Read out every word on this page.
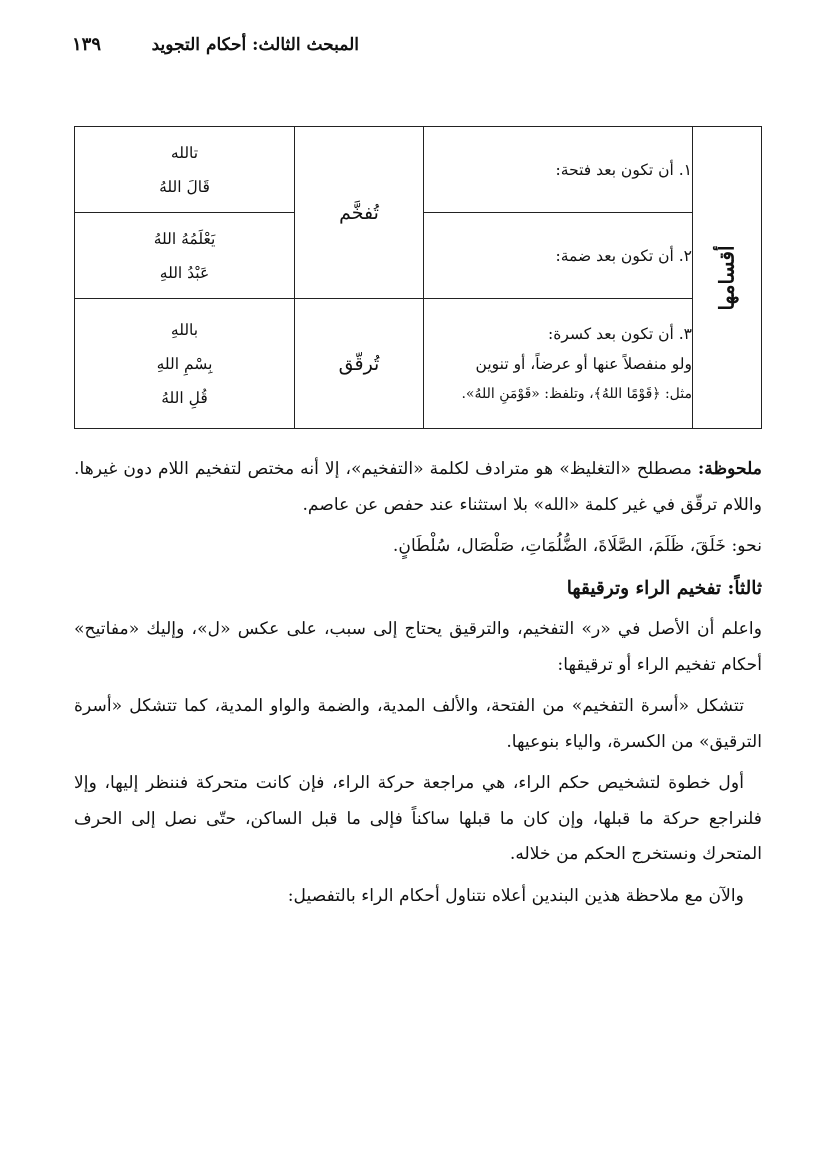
المبحث الثالث: أحكام التجويد
١٣٩
أقسامها	١. أن تكون بعد فتحة:	تُفخَّم	تالله
قَالَ اللهُ

	٢. أن تكون بعد ضمة:		يَعْلَمُهُ اللهُ
عَبْدُ اللهِ

	٣. أن تكون بعد كسرة:
ولو منفصلاً عنها أو عرضاً، أو تنوين
مثل: ﴿قَوْمًا اللهُ﴾، وتلفظ: «قَوْمَنِ اللهُ».	تُرقّق	باللهِ
بِسْمِ اللهِ
قُلِ اللهُ

ملحوظة: مصطلح «التغليظ» هو مترادف لكلمة «التفخيم»، إلا أنه مختص لتفخيم اللام دون غيرها. واللام ترقّق في غير كلمة «الله» بلا استثناء عند حفص عن عاصم.

نحو: خَلَقَ، ظَلَمَ، الصَّلَاةَ، الضُّلُمَاتِ، صَلْصَال، سُلْطَانٍ.

ثالثاً: تفخيم الراء وترقيقها

واعلم أن الأصل في «ر» التفخيم، والترقيق يحتاج إلى سبب، على عكس «ل»، وإليك «مفاتيح» أحكام تفخيم الراء أو ترقيقها:

تتشكل «أسرة التفخيم» من الفتحة، والألف المدية، والضمة والواو المدية، كما تتشكل «أسرة الترقيق» من الكسرة، والياء بنوعيها.

أول خطوة لتشخيص حكم الراء، هي مراجعة حركة الراء، فإن كانت متحركة فننظر إليها، وإلا فلنراجع حركة ما قبلها، وإن كان ما قبلها ساكناً فإلى ما قبل الساكن، حتّى نصل إلى الحرف المتحرك ونستخرج الحكم من خلاله.

والآن مع ملاحظة هذين البندين أعلاه نتناول أحكام الراء بالتفصيل:
